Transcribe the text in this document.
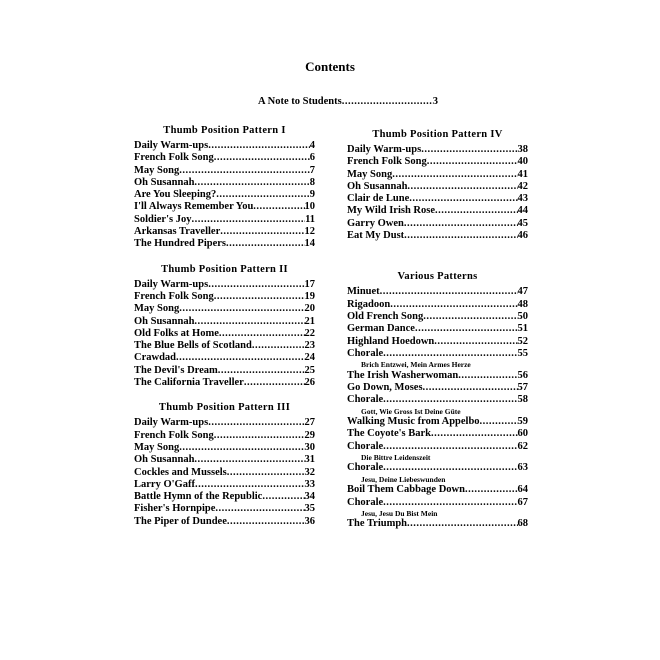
Contents
A Note to Students .....	3
Thumb Position Pattern I
Daily Warm-ups .....	4
French Folk Song .....	6
May Song .....	7
Oh Susannah .....	8
Are You Sleeping? .....	9
I'll Always Remember You .....	10
Soldier's Joy .....	11
Arkansas Traveller .....	12
The Hundred Pipers .....	14
Thumb Position Pattern II
Daily Warm-ups .....	17
French Folk Song .....	19
May Song .....	20
Oh Susannah .....	21
Old Folks at Home .....	22
The Blue Bells of Scotland .....	23
Crawdad .....	24
The Devil's Dream .....	25
The California Traveller .....	26
Thumb Position Pattern III
Daily Warm-ups .....	27
French Folk Song .....	29
May Song .....	30
Oh Susannah .....	31
Cockles and Mussels .....	32
Larry O'Gaff .....	33
Battle Hymn of the Republic .....	34
Fisher's Hornpipe .....	35
The Piper of Dundee .....	36
Thumb Position Pattern IV
Daily Warm-ups .....	38
French Folk Song .....	40
May Song .....	41
Oh Susannah .....	42
Clair de Lune .....	43
My Wild Irish Rose .....	44
Garry Owen .....	45
Eat My Dust .....	46
Various Patterns
Minuet .....	47
Rigadoon .....	48
Old French Song .....	50
German Dance .....	51
Highland Hoedown .....	52
Chorale .....	55
Brich Entzwei, Mein Armes Herze
The Irish Washerwoman .....	56
Go Down, Moses .....	57
Chorale .....	58
Gott, Wie Gross Ist Deine Güte
Walking Music from Appelbo .....	59
The Coyote's Bark .....	60
Chorale .....	62
Die Bittre Leidenszeit
Chorale .....	63
Jesu, Deine Liebeswunden
Boil Them Cabbage Down .....	64
Chorale .....	67
Jesu, Jesu Du Bist Mein
The Triumph .....	68
